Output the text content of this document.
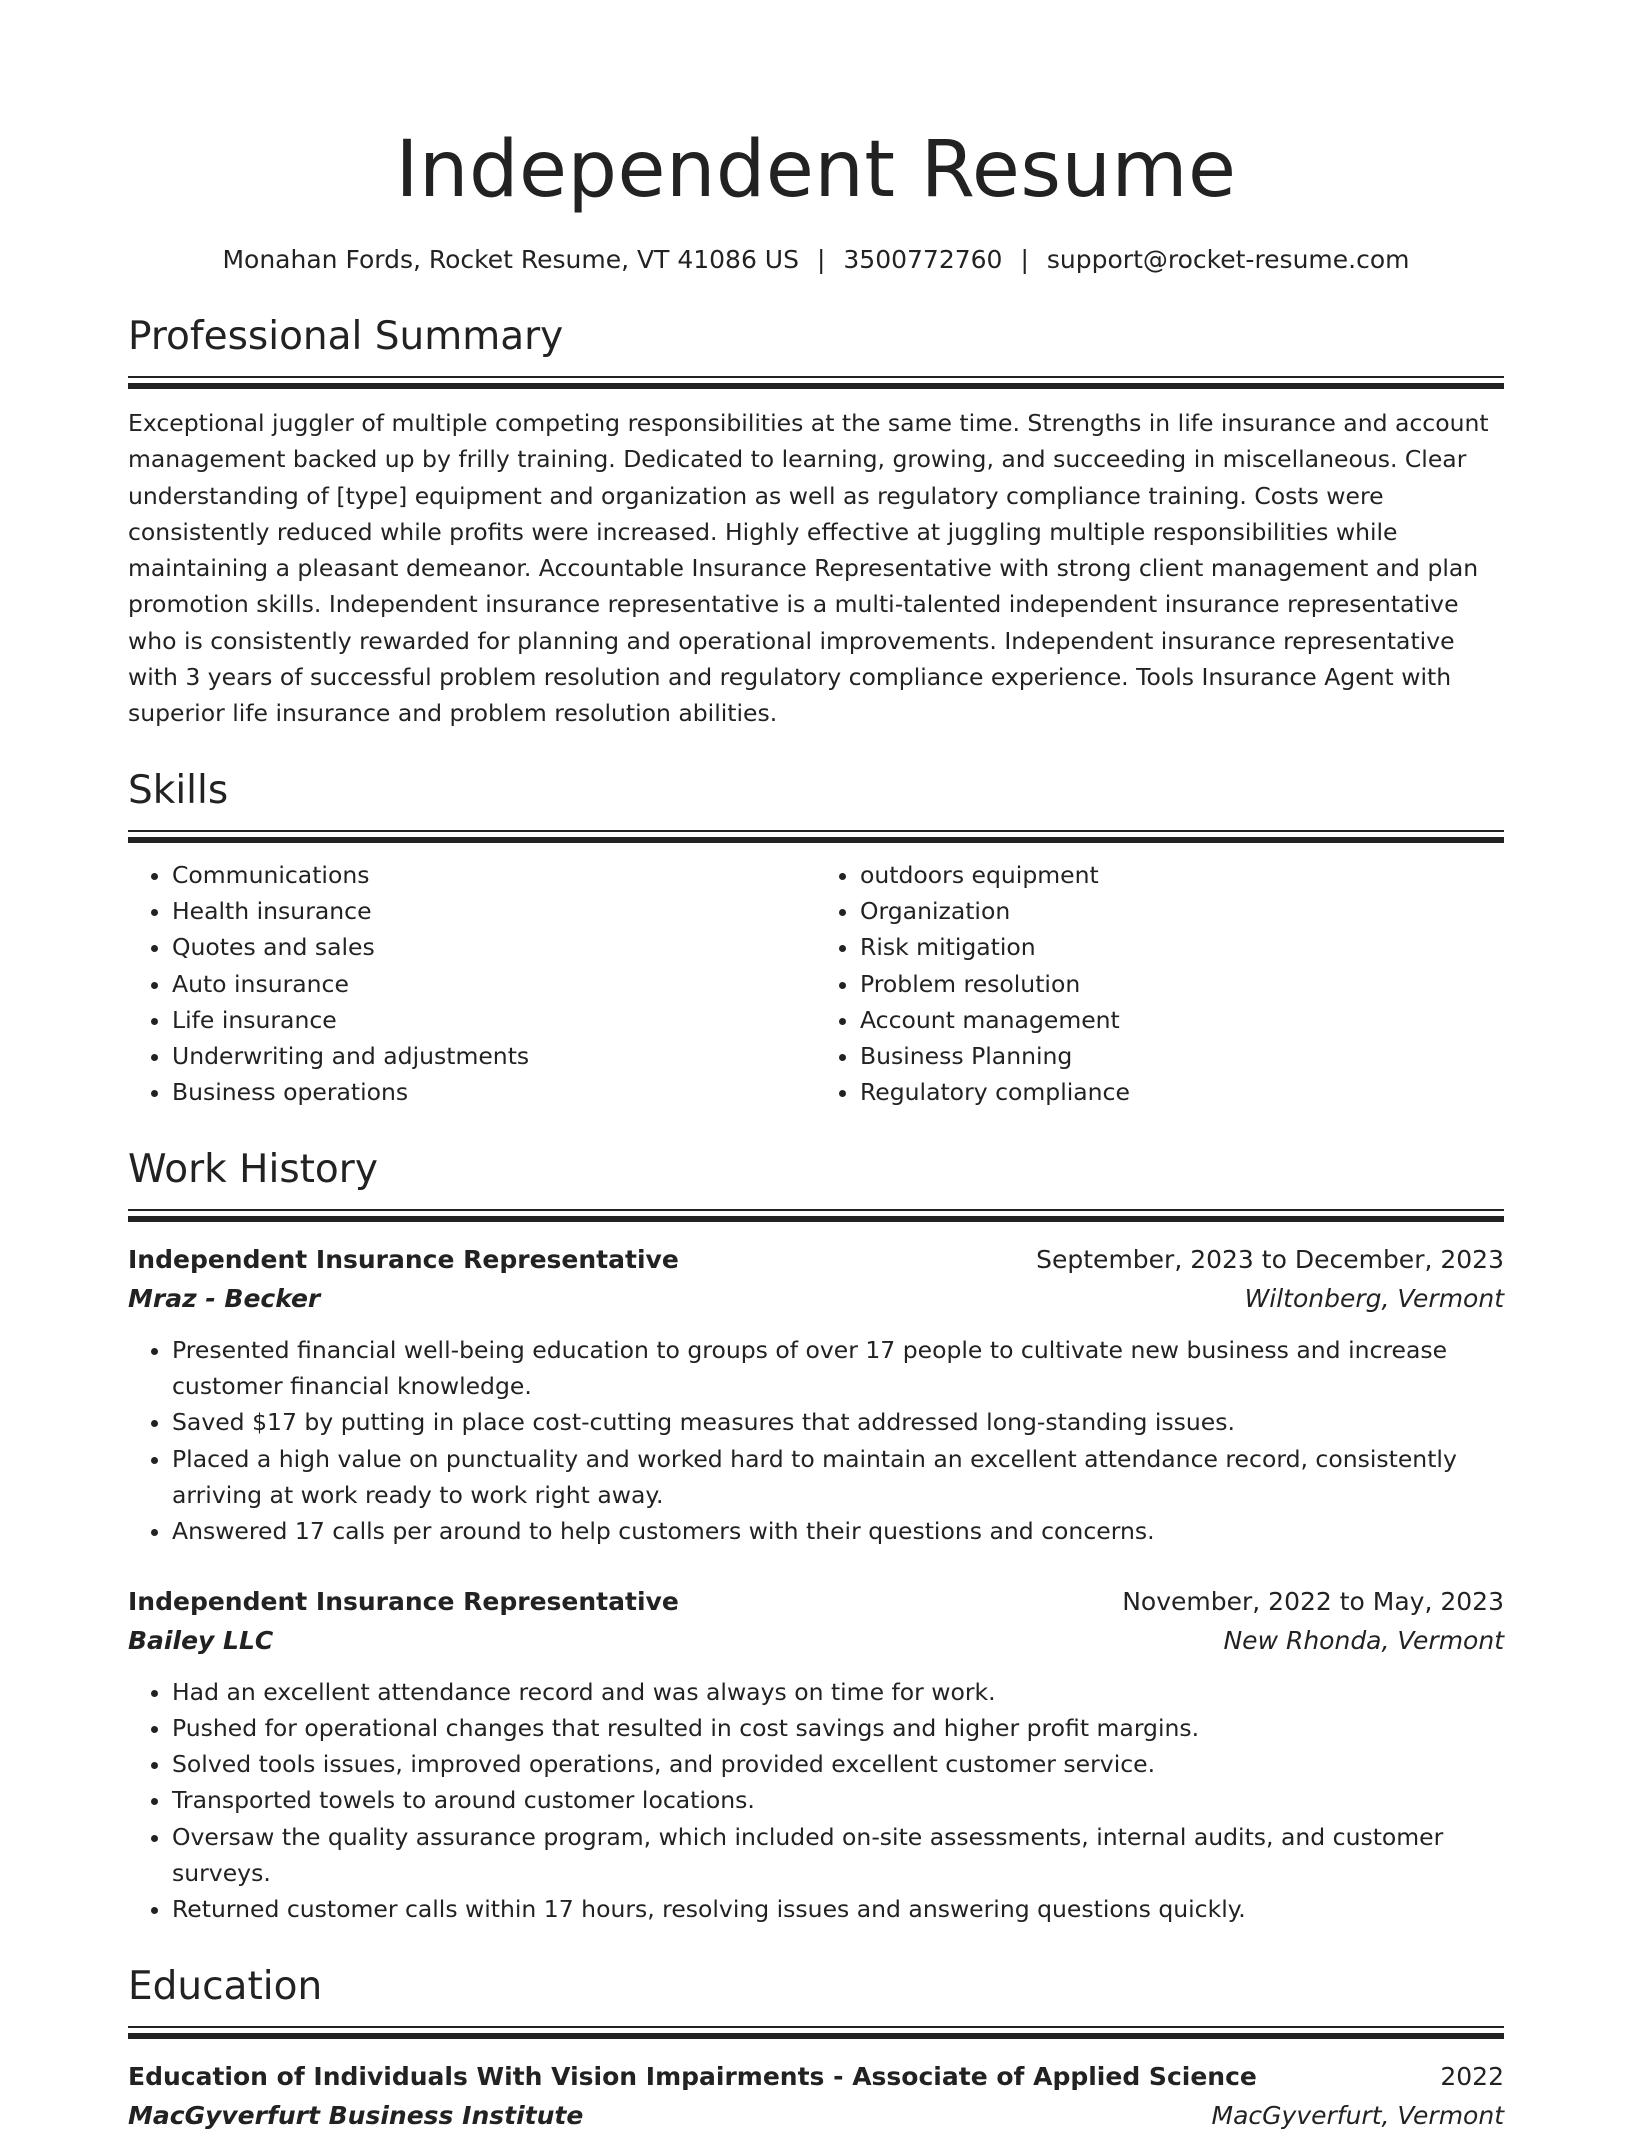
Independent Resume
Monahan Fords, Rocket Resume, VT 41086 US | 3500772760 | support@rocket-resume.com
Professional Summary
Exceptional juggler of multiple competing responsibilities at the same time. Strengths in life insurance and account management backed up by frilly training. Dedicated to learning, growing, and succeeding in miscellaneous. Clear understanding of [type] equipment and organization as well as regulatory compliance training. Costs were consistently reduced while profits were increased. Highly effective at juggling multiple responsibilities while maintaining a pleasant demeanor. Accountable Insurance Representative with strong client management and plan promotion skills. Independent insurance representative is a multi-talented independent insurance representative who is consistently rewarded for planning and operational improvements. Independent insurance representative with 3 years of successful problem resolution and regulatory compliance experience. Tools Insurance Agent with superior life insurance and problem resolution abilities.
Skills
• Communications
• Health insurance
• Quotes and sales
• Auto insurance
• Life insurance
• Underwriting and adjustments
• Business operations
• outdoors equipment
• Organization
• Risk mitigation
• Problem resolution
• Account management
• Business Planning
• Regulatory compliance
Work History
Independent Insurance Representative	September, 2023 to December, 2023
Mraz - Becker	Wiltonberg, Vermont
• Presented financial well-being education to groups of over 17 people to cultivate new business and increase customer financial knowledge.
• Saved $17 by putting in place cost-cutting measures that addressed long-standing issues.
• Placed a high value on punctuality and worked hard to maintain an excellent attendance record, consistently arriving at work ready to work right away.
• Answered 17 calls per around to help customers with their questions and concerns.
Independent Insurance Representative	November, 2022 to May, 2023
Bailey LLC	New Rhonda, Vermont
• Had an excellent attendance record and was always on time for work.
• Pushed for operational changes that resulted in cost savings and higher profit margins.
• Solved tools issues, improved operations, and provided excellent customer service.
• Transported towels to around customer locations.
• Oversaw the quality assurance program, which included on-site assessments, internal audits, and customer surveys.
• Returned customer calls within 17 hours, resolving issues and answering questions quickly.
Education
Education of Individuals With Vision Impairments - Associate of Applied Science	2022
MacGyverfurt Business Institute	MacGyverfurt, Vermont
